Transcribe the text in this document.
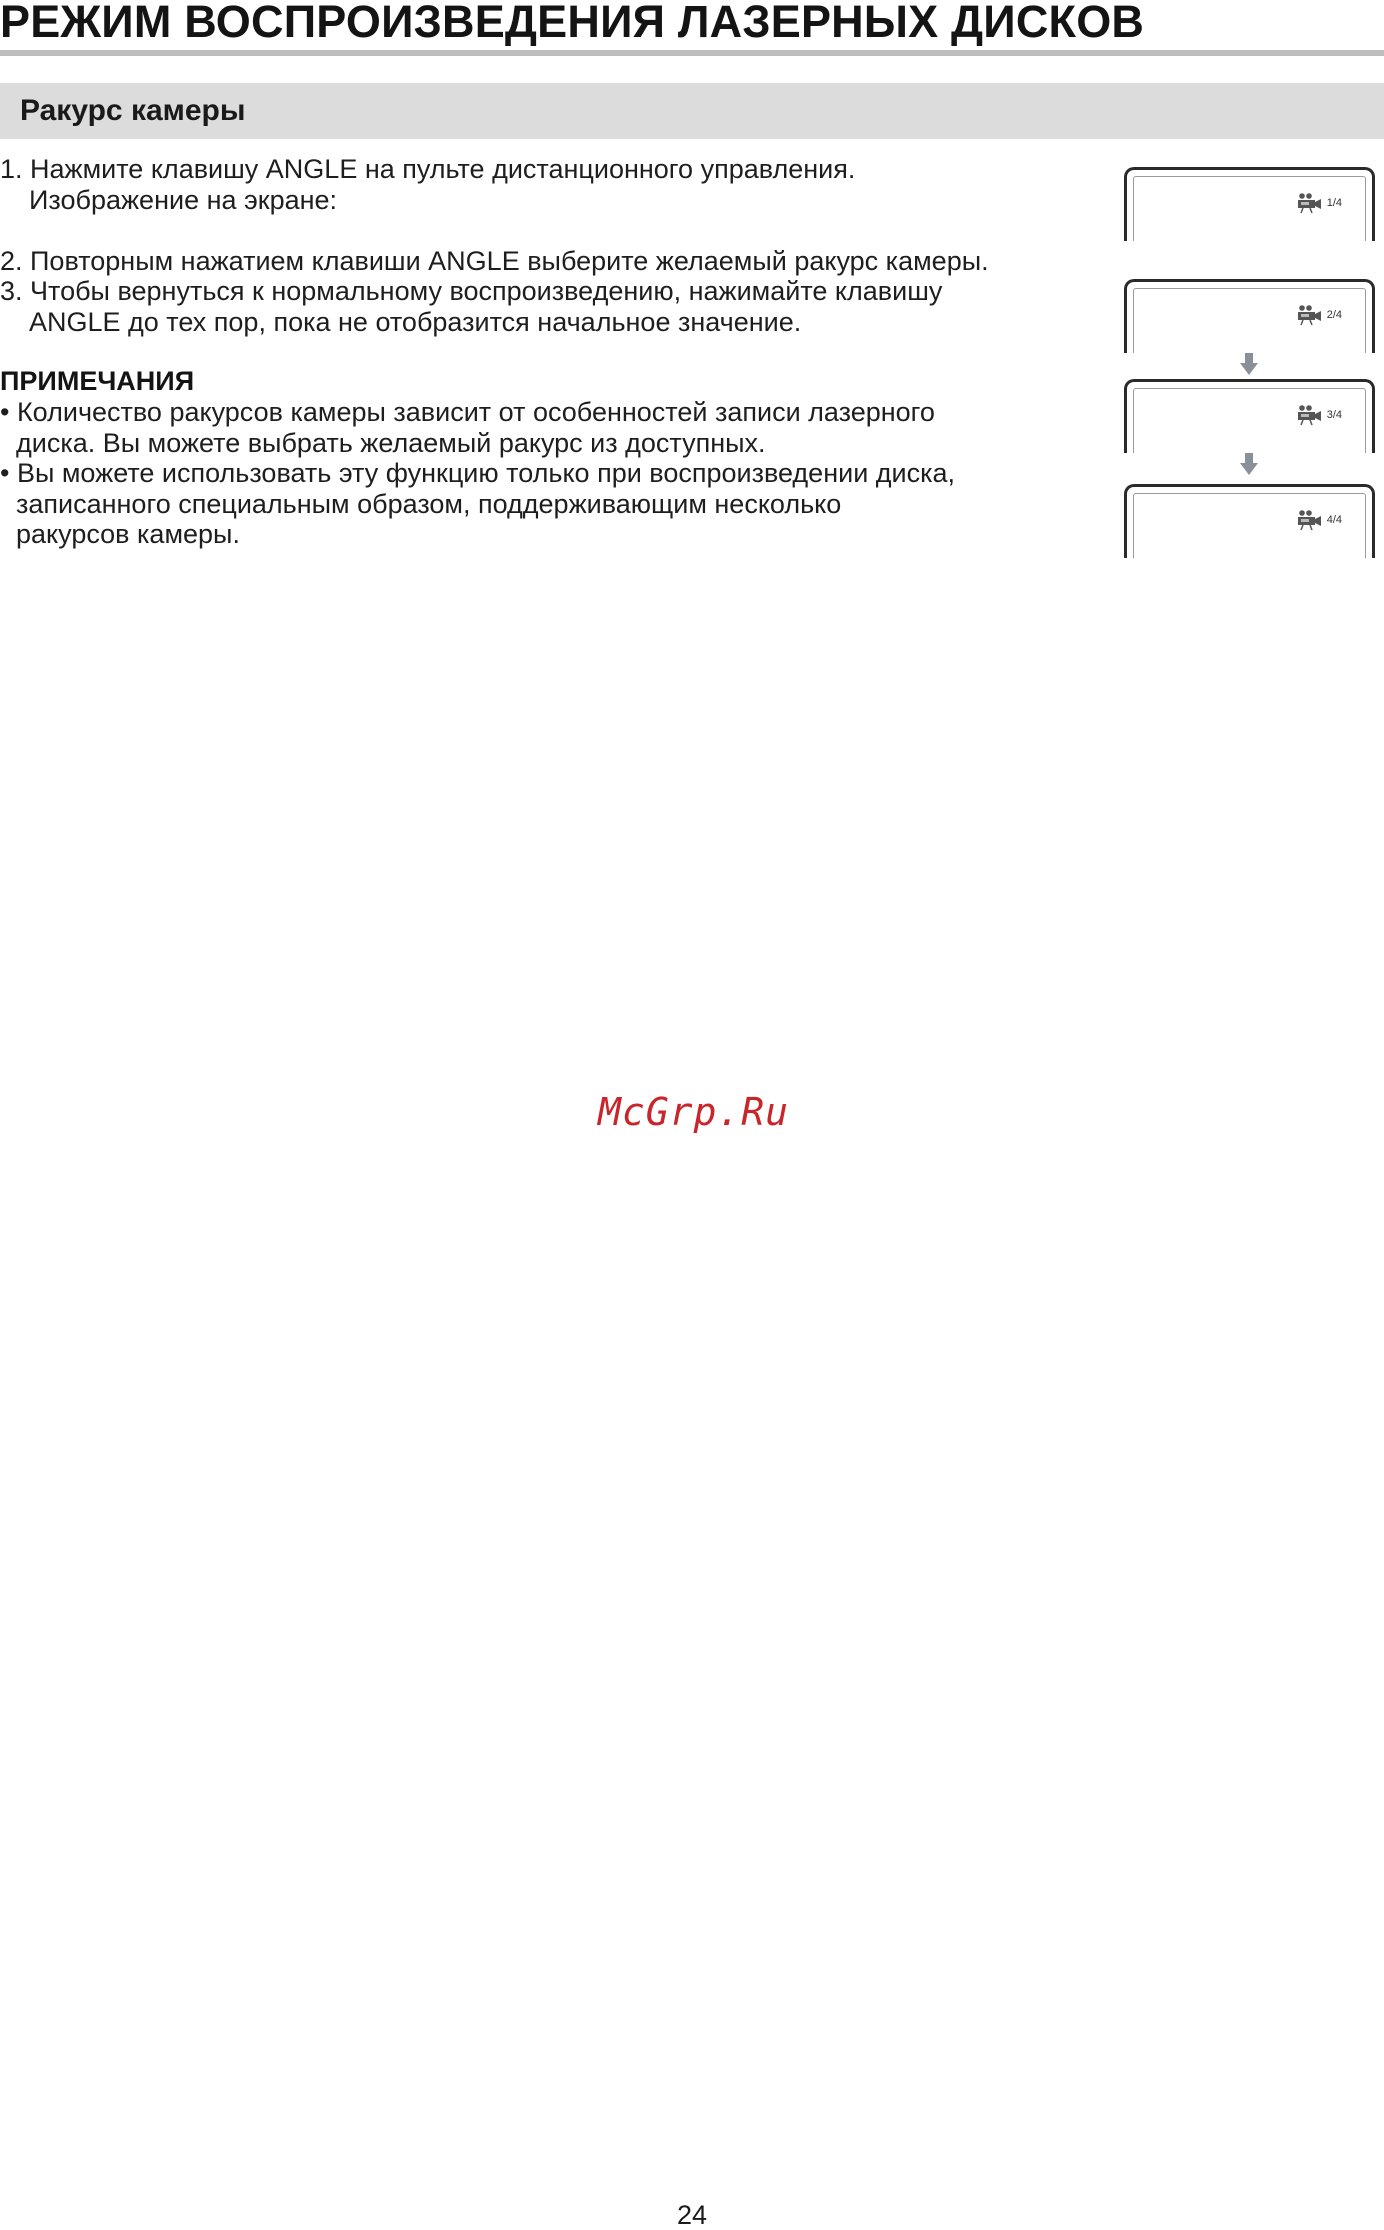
РЕЖИМ ВОСПРОИЗВЕДЕНИЯ ЛАЗЕРНЫХ ДИСКОВ
Ракурс камеры
1. Нажмите клавишу ANGLE на пульте дистанционного управления.
Изображение на экране:
2. Повторным нажатием клавиши ANGLE выберите желаемый ракурс камеры.
3. Чтобы вернуться к нормальному воспроизведению, нажимайте клавишу
ANGLE до тех пор, пока не отобразится начальное значение.
ПРИМЕЧАНИЯ
• Количество ракурсов камеры зависит от особенностей записи лазерного
диска. Вы можете выбрать желаемый ракурс из доступных.
• Вы можете использовать эту функцию только при воспроизведении диска,
записанного специальным образом, поддерживающим несколько
ракурсов камеры.
1/4
2/4
3/4
4/4
McGrp.Ru
24
